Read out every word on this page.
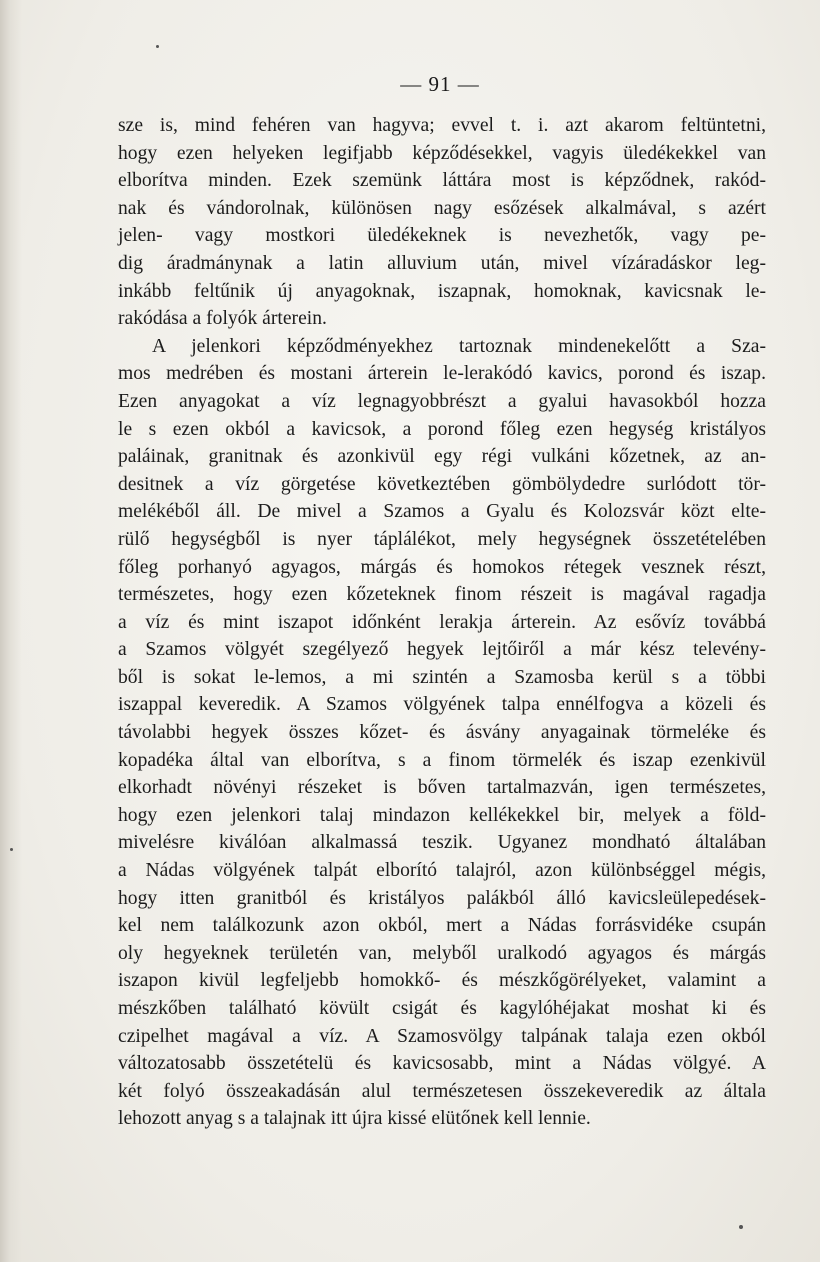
— 91 —
sze is, mind fehéren van hagyva; evvel t. i. azt akarom feltüntetni,
hogy ezen helyeken legifjabb képződésekkel, vagyis üledékekkel van
elborítva minden. Ezek szemünk láttára most is képződnek, rakód-
nak és vándorolnak, különösen nagy esőzések alkalmával, s azért
jelen- vagy mostkori üledékeknek is nevezhetők, vagy pe-
dig áradmánynak a latin alluvium után, mivel vízáradáskor leg-
inkább feltűnik új anyagoknak, iszapnak, homoknak, kavicsnak le-
rakódása a folyók árterein.
A jelenkori képződményekhez tartoznak mindenekelőtt a Sza-
mos medrében és mostani árterein le-lerakódó kavics, porond és iszap.
Ezen anyagokat a víz legnagyobbrészt a gyalui havasokból hozza
le s ezen okból a kavicsok, a porond főleg ezen hegység kristályos
paláinak, granitnak és azonkivül egy régi vulkáni kőzetnek, az an-
desitnek a víz görgetése következtében gömbölydedre surlódott tör-
melékéből áll. De mivel a Szamos a Gyalu és Kolozsvár közt elte-
rülő hegységből is nyer táplálékot, mely hegységnek összetételében
főleg porhanyó agyagos, márgás és homokos rétegek vesznek részt,
természetes, hogy ezen kőzeteknek finom részeit is magával ragadja
a víz és mint iszapot időnként lerakja árterein. Az esővíz továbbá
a Szamos völgyét szegélyező hegyek lejtőiről a már kész televény-
ből is sokat le-lemos, a mi szintén a Szamosba kerül s a többi
iszappal keveredik. A Szamos völgyének talpa ennélfogva a közeli és
távolabbi hegyek összes kőzet- és ásvány anyagainak törmeléke és
kopadéka által van elborítva, s a finom törmelék és iszap ezenkivül
elkorhadt növényi részeket is bőven tartalmazván, igen természetes,
hogy ezen jelenkori talaj mindazon kellékekkel bir, melyek a föld-
mivelésre kiválóan alkalmassá teszik. Ugyanez mondható általában
a Nádas völgyének talpát elborító talajról, azon különbséggel mégis,
hogy itten granitból és kristályos palákból álló kavicsleülepedések-
kel nem találkozunk azon okból, mert a Nádas forrásvidéke csupán
oly hegyeknek területén van, melyből uralkodó agyagos és márgás
iszapon kivül legfeljebb homokkő- és mészkőgörélyeket, valamint a
mészkőben található kövült csigát és kagylóhéjakat moshat ki és
czipelhet magával a víz. A Szamosvölgy talpának talaja ezen okból
változatosabb összetételü és kavicsosabb, mint a Nádas völgyé. A
két folyó összeakadásán alul természetesen összekeveredik az általa
lehozott anyag s a talajnak itt újra kissé elütőnek kell lennie.
